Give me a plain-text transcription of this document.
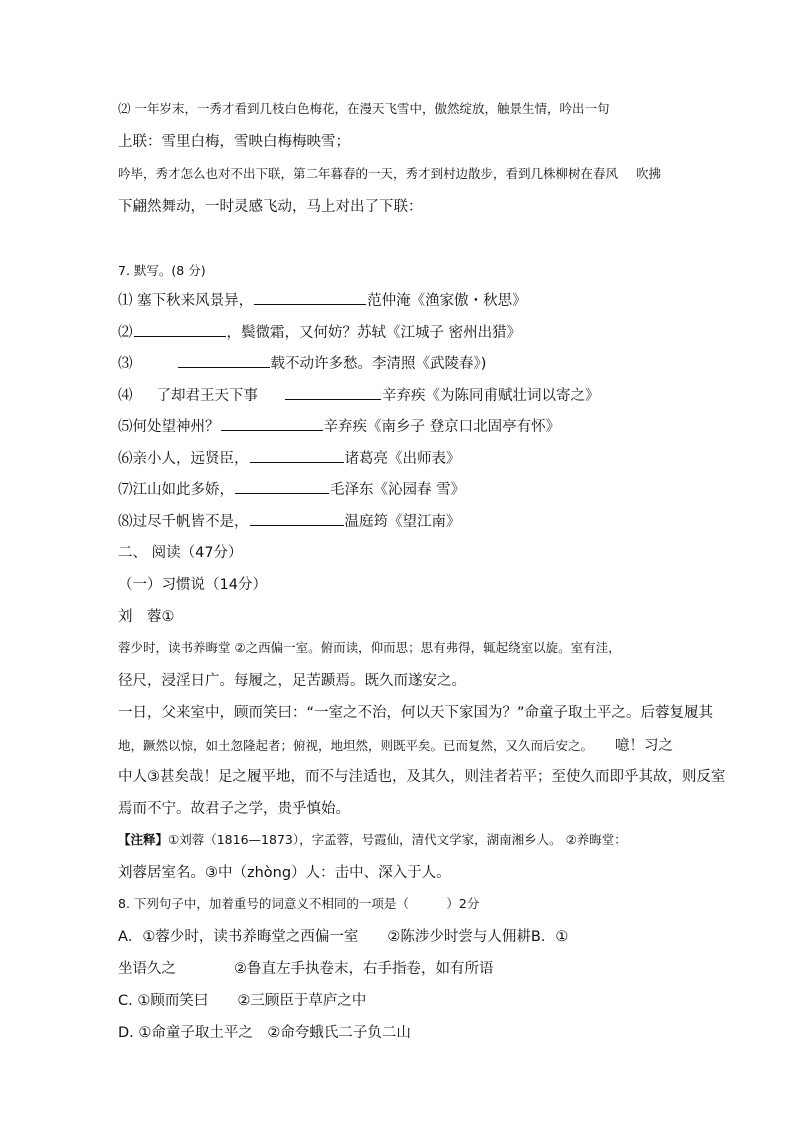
⑵ 一年岁末，一秀才看到几枝白色梅花，在漫天飞雪中，傲然绽放，触景生情，吟出一句
上联：雪里白梅，雪映白梅梅映雪；
吟毕，秀才怎么也对不出下联，第二年暮春的一天，秀才到村边散步，看到几株柳树在春风 吹拂
下翩然舞动，一时灵感飞动，马上对出了下联：
7. 默写。(8 分)
⑴ 塞下秋来风景异，	范仲淹《渔家傲・秋思》
⑵	，鬓微霜，又何妨？苏轼《江城子 密州出猎》
⑶	载不动许多愁。李清照《武陵春》)
⑷ 了却君王天下事	辛弃疾《为陈同甫赋壮词以寄之》
⑸何处望神州？	辛弃疾《南乡子 登京口北固亭有怀》
⑹亲小人，远贤臣，	诸葛亮《出师表》
⑺江山如此多娇，	毛泽东《沁园春 雪》
⑻过尽千帆皆不是，	温庭筠《望江南》
二、 阅读（47分）
（一）习惯说（14分）
刘　蓉①
蓉少时，读书养晦堂 ②之西偏一室。俯而读，仰而思；思有弗得，辄起绕室以旋。室有洼，
径尺，浸淫日广。每履之，足苦踬焉。既久而遂安之。
一日，父来室中，顾而笑曰：“一室之不治，何以天下家国为？”命童子取土平之。后蓉复履其
地，蹶然以惊，如土忽隆起者；俯视，地坦然，则既平矣。已而复然，又久而后安之。 噫！习之
中人③甚矣哉！足之履平地，而不与洼适也，及其久，则洼者若平；至使久而即乎其故，则反室
焉而不宁。故君子之学，贵乎慎始。
【注释】①刘蓉（1816—1873），字孟蓉，号霞仙，清代文学家，湖南湘乡人。 ②养晦堂：
刘蓉居室名。③中（zhòng）人：击中、深入于人。
8. 下列句子中，加着重号的词意义不相同的一项是（　　　）2分
A．①蓉少时，读书养晦堂之西偏一室　　②陈涉少时尝与人佣耕B．①
坐语久之　　　　②鲁直左手执卷末，右手指卷，如有所语
C. ①顾而笑曰　　②三顾臣于草庐之中
D. ①命童子取土平之　②命夸蛾氏二子负二山
